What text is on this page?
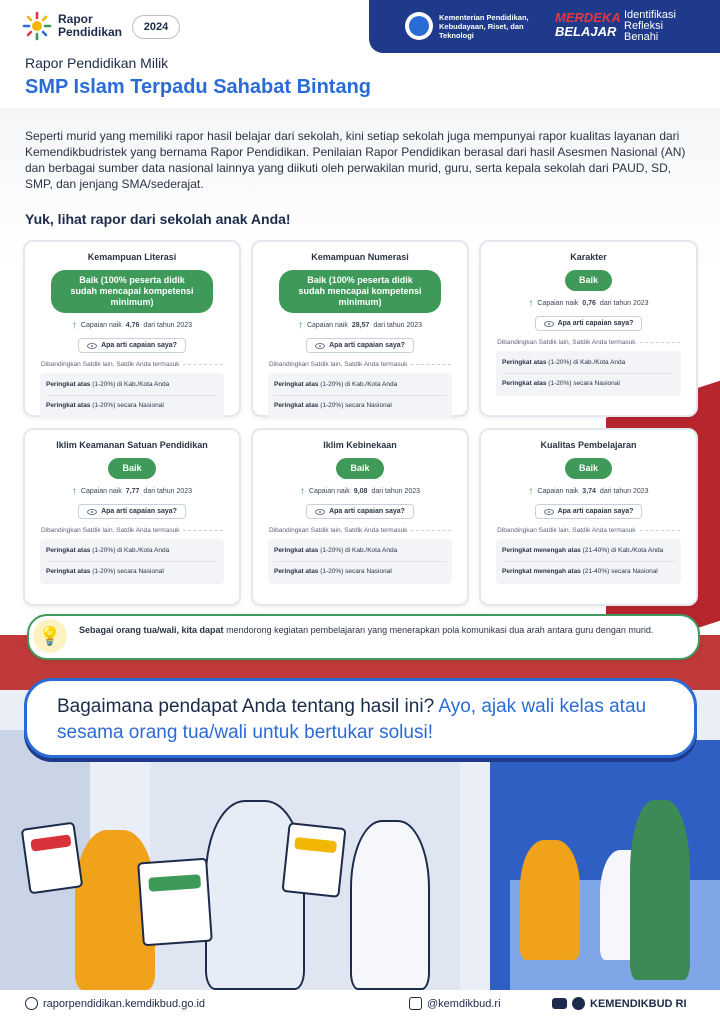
Rapor
Pendidikan	2024
Kementerian Pendidikan, Kebudayaan, Riset, dan Teknologi
MERDEKA
BELAJAR
Identifikasi
Refleksi
Benahi
Rapor Pendidikan Milik
SMP Islam Terpadu Sahabat Bintang
Seperti murid yang memiliki rapor hasil belajar dari sekolah, kini setiap sekolah juga mempunyai rapor kualitas layanan dari Kemendikbudristek yang bernama Rapor Pendidikan. Penilaian Rapor Pendidikan berasal dari hasil Asesmen Nasional (AN) dan berbagai sumber data nasional lainnya yang diikuti oleh perwakilan murid, guru, serta kepala sekolah dari PAUD, SD, SMP, dan jenjang SMA/sederajat.
Yuk, lihat rapor dari sekolah anak Anda!
Kemampuan Literasi
Baik (100% peserta didik sudah mencapai kompetensi minimum)
↑ Capaian naik 4,76 dari tahun 2023
Apa arti capaian saya?
Dibandingkan Satdik lain, Satdik Anda termasuk
Peringkat atas (1-20%) di Kab./Kota Anda
Peringkat atas (1-20%) secara Nasional
Kemampuan Numerasi
Baik (100% peserta didik sudah mencapai kompetensi minimum)
↑ Capaian naik 28,57 dari tahun 2023
Apa arti capaian saya?
Dibandingkan Satdik lain, Satdik Anda termasuk
Peringkat atas (1-20%) di Kab./Kota Anda
Peringkat atas (1-20%) secara Nasional
Karakter
Baik
↑ Capaian naik 0,76 dari tahun 2023
Apa arti capaian saya?
Dibandingkan Satdik lain, Satdik Anda termasuk
Peringkat atas (1-20%) di Kab./Kota Anda
Peringkat atas (1-20%) secara Nasional
Iklim Keamanan Satuan Pendidikan
Baik
↑ Capaian naik 7,77 dari tahun 2023
Apa arti capaian saya?
Dibandingkan Satdik lain, Satdik Anda termasuk
Peringkat atas (1-20%) di Kab./Kota Anda
Peringkat atas (1-20%) secara Nasional
Iklim Kebinekaan
Baik
↑ Capaian naik 9,08 dari tahun 2023
Apa arti capaian saya?
Dibandingkan Satdik lain, Satdik Anda termasuk
Peringkat atas (1-20%) di Kab./Kota Anda
Peringkat atas (1-20%) secara Nasional
Kualitas Pembelajaran
Baik
↑ Capaian naik 3,74 dari tahun 2023
Apa arti capaian saya?
Dibandingkan Satdik lain, Satdik Anda termasuk
Peringkat menengah atas (21-40%) di Kab./Kota Anda
Peringkat menengah atas (21-40%) secara Nasional
💡	Sebagai orang tua/wali, kita dapat mendorong kegiatan pembelajaran yang menerapkan pola komunikasi dua arah antara guru dengan murid.
Bagaimana pendapat Anda tentang hasil ini? Ayo, ajak wali kelas atau sesama orang tua/wali untuk bertukar solusi!
raporpendidikan.kemdikbud.go.id	@kemdikbud.ri	KEMENDIKBUD RI
